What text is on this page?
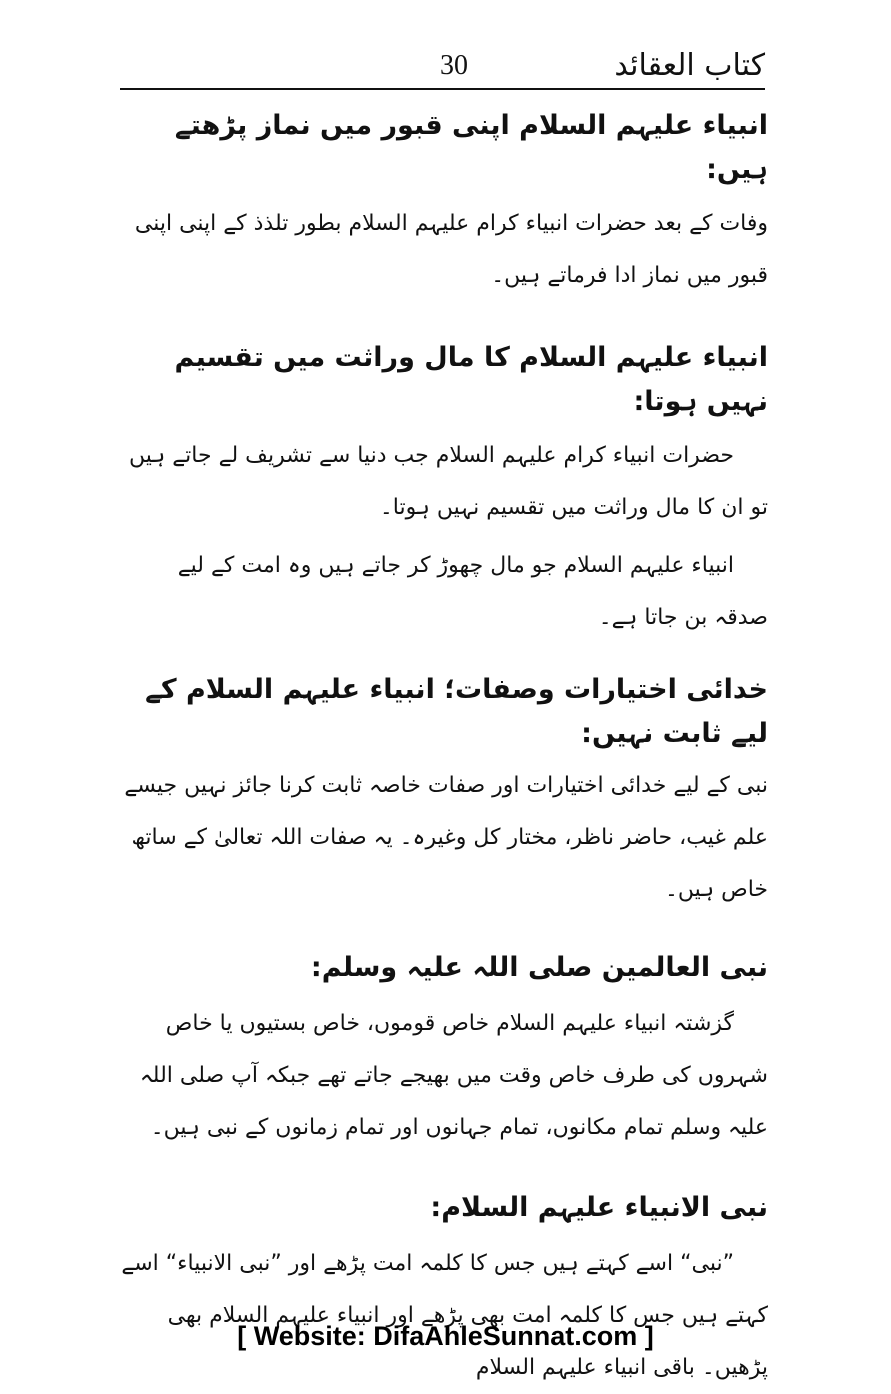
کتاب العقائد
30
انبیاء علیہم السلام اپنی قبور میں نماز پڑھتے ہیں:

وفات کے بعد حضرات انبیاء کرام علیہم السلام بطور تلذذ کے اپنی اپنی قبور میں نماز ادا فرماتے ہیں۔

انبیاء علیہم السلام کا مال وراثت میں تقسیم نہیں ہوتا:

حضرات انبیاء کرام علیہم السلام جب دنیا سے تشریف لے جاتے ہیں تو ان کا مال وراثت میں تقسیم نہیں ہوتا۔

انبیاء علیہم السلام جو مال چھوڑ کر جاتے ہیں وہ امت کے لیے صدقہ بن جاتا ہے۔

خدائی اختیارات وصفات؛ انبیاء علیہم السلام کے لیے ثابت نہیں:

نبی کے لیے خدائی اختیارات اور صفات خاصہ ثابت کرنا جائز نہیں جیسے علم غیب، حاضر ناظر، مختار کل وغیرہ۔ یہ صفات اللہ تعالیٰ کے ساتھ خاص ہیں۔

نبی العالمین صلی اللہ علیہ وسلم:

گزشتہ انبیاء علیہم السلام خاص قوموں، خاص بستیوں یا خاص شہروں کی طرف خاص وقت میں بھیجے جاتے تھے جبکہ آپ صلی اللہ علیہ وسلم تمام مکانوں، تمام جہانوں اور تمام زمانوں کے نبی ہیں۔

نبی الانبیاء علیہم السلام:

”نبی“ اسے کہتے ہیں جس کا کلمہ امت پڑھے اور ”نبی الانبیاء“ اسے کہتے ہیں جس کا کلمہ امت بھی پڑھے اور انبیاء علیہم السلام بھی پڑھیں۔ باقی انبیاء علیہم السلام

[ Website: DifaAhleSunnat.com ]
